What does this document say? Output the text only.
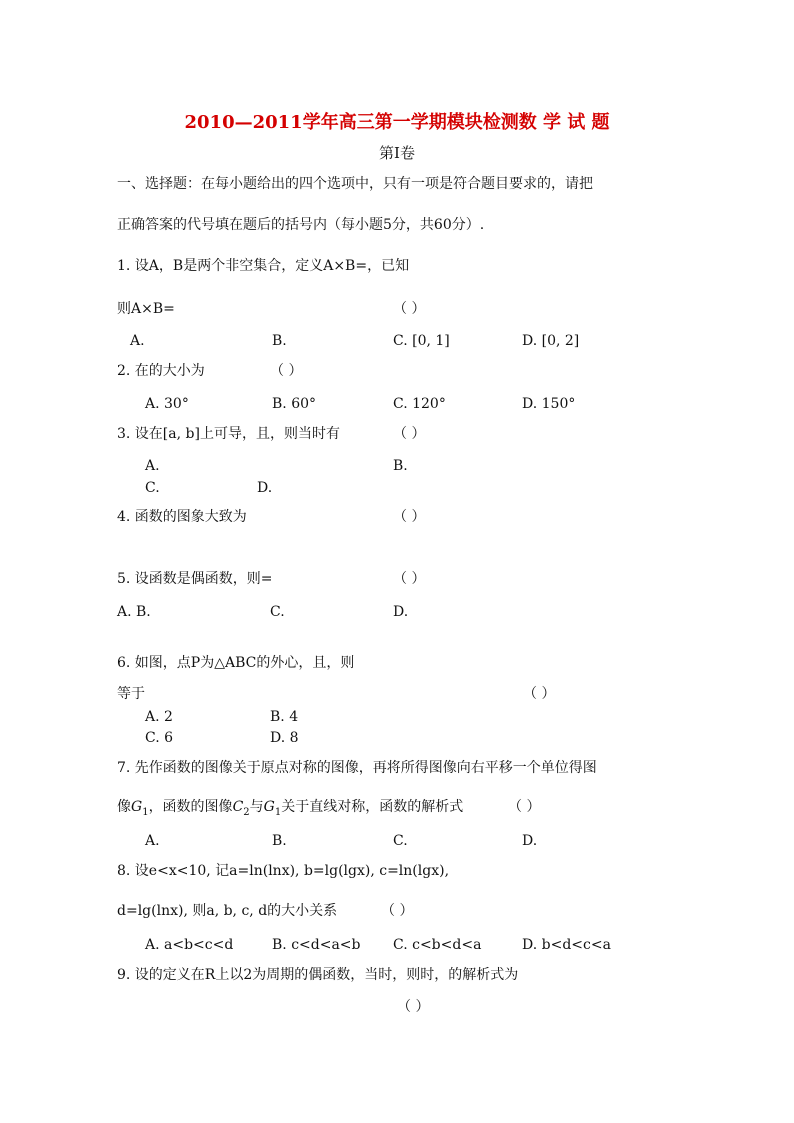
2010—2011学年高三第一学期模块检测数 学 试 题
第Ⅰ卷
一、选择题：在每小题给出的四个选项中，只有一项是符合题目要求的，请把
正确答案的代号填在题后的括号内（每小题5分，共60分）.
1. 设A，B是两个非空集合，定义A×B=，已知
则A×B=	（ ）
A.	B.	C. [0, 1]	D. [0, 2]
2. 在的大小为	（ ）
A. 30°	B. 60°	C. 120°	D. 150°
3. 设在[a, b]上可导，且，则当时有	（ ）
A.	B.
C.	D.
4. 函数的图象大致为	（ ）
5. 设函数是偶函数，则=	（ ）
A. B.	C.	D.
6. 如图，点P为△ABC的外心，且，则
等于	（ ）
A. 2	B. 4
C. 6	D. 8
7. 先作函数的图像关于原点对称的图像，再将所得图像向右平移一个单位得图
像$G_1$，函数的图像$C_2$与$G_1$关于直线对称，函数的解析式	（ ）
A.	B.	C.	D.
8. 设e<x<10, 记a=ln(lnx), b=lg(lgx), c=ln(lgx),
d=lg(lnx), 则a, b, c, d的大小关系	（ ）
A. a<b<c<d	B. c<d<a<b C. c<b<d<a	D. b<d<c<a
9. 设的定义在R上以2为周期的偶函数，当时，则时，的解析式为
（ ）
